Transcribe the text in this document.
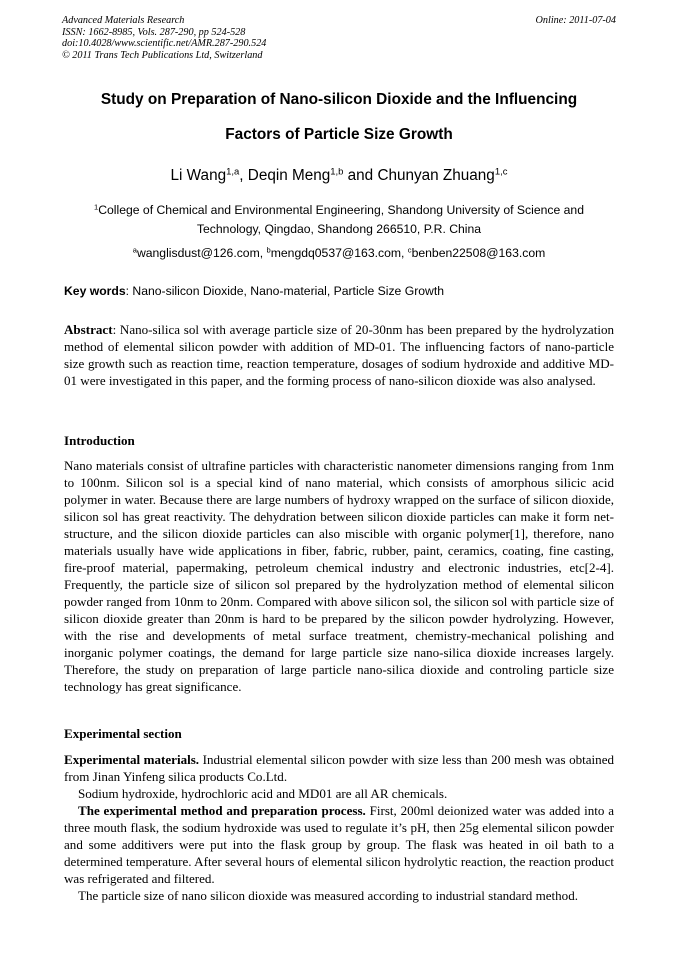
Advanced Materials Research
ISSN: 1662-8985, Vols. 287-290, pp 524-528
doi:10.4028/www.scientific.net/AMR.287-290.524
© 2011 Trans Tech Publications Ltd, Switzerland
Online: 2011-07-04
Study on Preparation of Nano-silicon Dioxide and the Influencing
Factors of Particle Size Growth
Li Wang$^{1,a}$, Deqin Meng$^{1,b}$ and Chunyan Zhuang$^{1,c}$
$^1$College of Chemical and Environmental Engineering, Shandong University of Science and Technology, Qingdao, Shandong 266510, P.R. China
$^a$wanglisdust@126.com, $^b$mengdq0537@163.com, $^c$benben22508@163.com
Key words: Nano-silicon Dioxide, Nano-material, Particle Size Growth
Abstract: Nano-silica sol with average particle size of 20-30nm has been prepared by the hydrolyzation method of elemental silicon powder with addition of MD-01. The influencing factors of nano-particle size growth such as reaction time, reaction temperature, dosages of sodium hydroxide and additive MD-01 were investigated in this paper, and the forming process of nano-silicon dioxide was also analysed.
Introduction
Nano materials consist of ultrafine particles with characteristic nanometer dimensions ranging from 1nm to 100nm. Silicon sol is a special kind of nano material, which consists of amorphous silicic acid polymer in water. Because there are large numbers of hydroxy wrapped on the surface of silicon dioxide, silicon sol has great reactivity. The dehydration between silicon dioxide particles can make it form net-structure, and the silicon dioxide particles can also miscible with organic polymer[1], therefore, nano materials usually have wide applications in fiber, fabric, rubber, paint, ceramics, coating, fine casting, fire-proof material, papermaking, petroleum chemical industry and electronic industries, etc[2-4]. Frequently, the particle size of silicon sol prepared by the hydrolyzation method of elemental silicon powder ranged from 10nm to 20nm. Compared with above silicon sol, the silicon sol with particle size of silicon dioxide greater than 20nm is hard to be prepared by the silicon powder hydrolyzing. However, with the rise and developments of metal surface treatment, chemistry-mechanical polishing and inorganic polymer coatings, the demand for large particle size nano-silica dioxide increases largely. Therefore, the study on preparation of large particle nano-silica dioxide and controling particle size technology has great significance.
Experimental section

Experimental materials. Industrial elemental silicon powder with size less than 200 mesh was obtained from Jinan Yinfeng silica products Co.Ltd.

Sodium hydroxide, hydrochloric acid and MD01 are all AR chemicals.

The experimental method and preparation process. First, 200ml deionized water was added into a three mouth flask, the sodium hydroxide was used to regulate it’s pH, then 25g elemental silicon powder and some additivers were put into the flask group by group. The flask was heated in oil bath to a determined temperature. After several hours of elemental silicon hydrolytic reaction, the reaction product was refrigerated and filtered.

The particle size of nano silicon dioxide was measured according to industrial standard method.
